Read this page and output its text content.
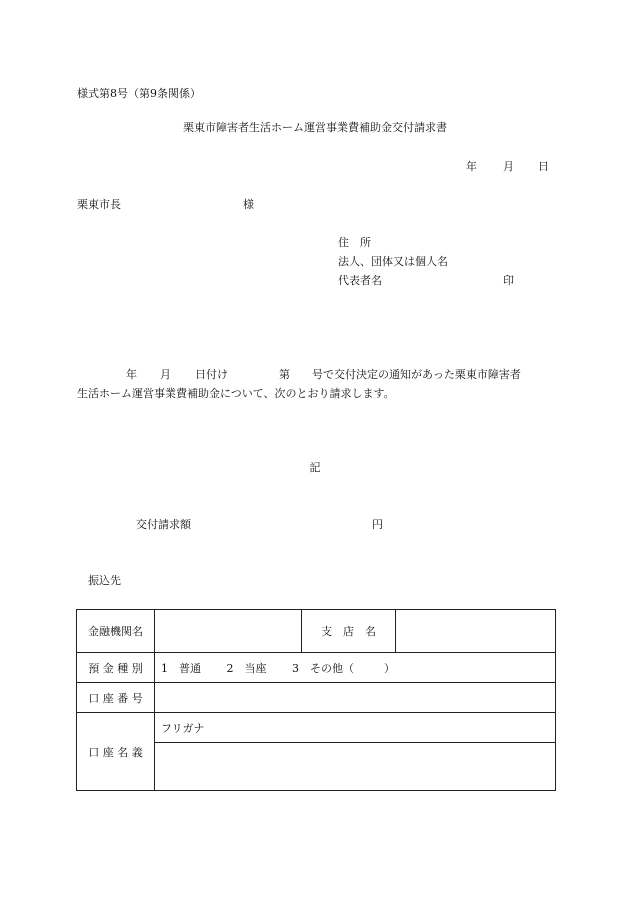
様式第8号（第9条関係）
栗東市障害者生活ホーム運営事業費補助金交付請求書
年 月 日
栗東市長	様
住　所
法人、団体又は個人名
代表者名	印
年 月 日付け	第 号で交付決定の通知があった栗東市障害者
生活ホーム運営事業費補助金について、次のとおり請求します。
記
交付請求額	円
振込先
金融機関名		支　店　名	
預 金 種 別	1　普通 2　当座 3　その他（ ）		
口 座 番 号			
口 座 名 義	フリガナ		
